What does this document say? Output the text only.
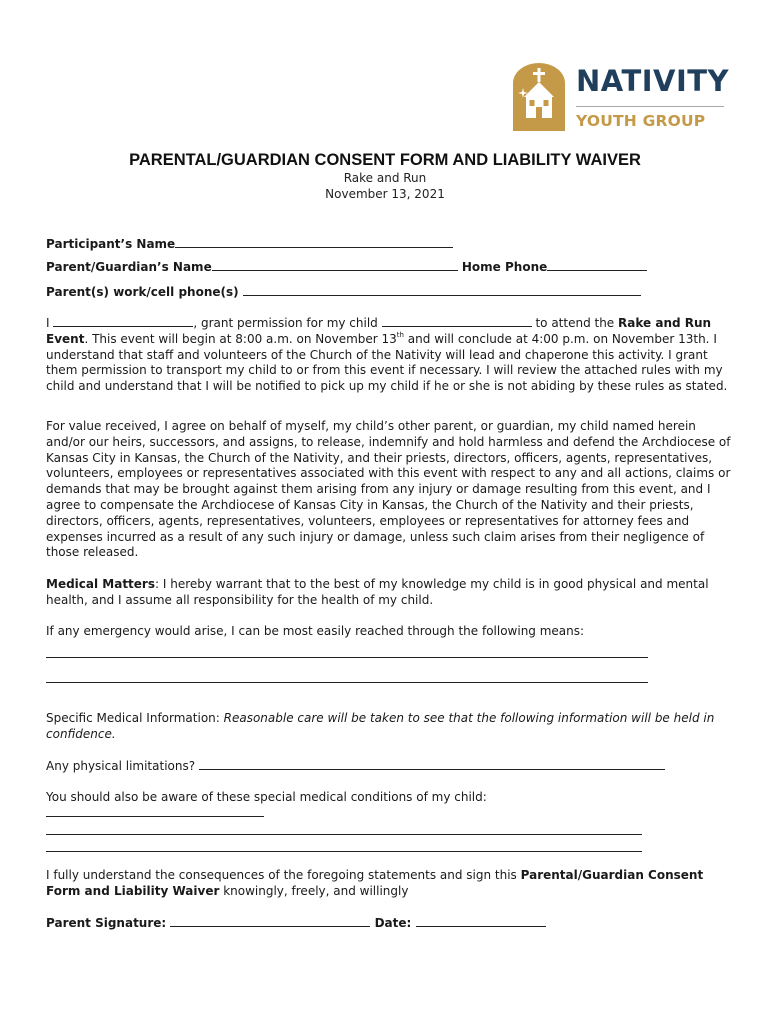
NATIVITY
YOUTH GROUP
PARENTAL/GUARDIAN CONSENT FORM AND LIABILITY WAIVER
Rake and Run
November 13, 2021
Participant’s Name
Parent/Guardian’s Name	Home Phone
Parent(s) work/cell phone(s)
I	, grant permission for my child	to attend the Rake and Run Event. This event will begin at 8:00 a.m. on November 13th and will conclude at 4:00 p.m. on November 13th. I understand that staff and volunteers of the Church of the Nativity will lead and chaperone this activity. I grant them permission to transport my child to or from this event if necessary. I will review the attached rules with my child and understand that I will be notified to pick up my child if he or she is not abiding by these rules as stated.
For value received, I agree on behalf of myself, my child’s other parent, or guardian, my child named herein and/or our heirs, successors, and assigns, to release, indemnify and hold harmless and defend the Archdiocese of Kansas City in Kansas, the Church of the Nativity, and their priests, directors, officers, agents, representatives, volunteers, employees or representatives associated with this event with respect to any and all actions, claims or demands that may be brought against them arising from any injury or damage resulting from this event, and I agree to compensate the Archdiocese of Kansas City in Kansas, the Church of the Nativity and their priests, directors, officers, agents, representatives, volunteers, employees or representatives for attorney fees and expenses incurred as a result of any such injury or damage, unless such claim arises from their negligence of those released.
Medical Matters: I hereby warrant that to the best of my knowledge my child is in good physical and mental health, and I assume all responsibility for the health of my child.
If any emergency would arise, I can be most easily reached through the following means:
Specific Medical Information: Reasonable care will be taken to see that the following information will be held in confidence.
Any physical limitations?
You should also be aware of these special medical conditions of my child:
I fully understand the consequences of the foregoing statements and sign this Parental/Guardian Consent Form and Liability Waiver knowingly, freely, and willingly
Parent Signature:	Date:
